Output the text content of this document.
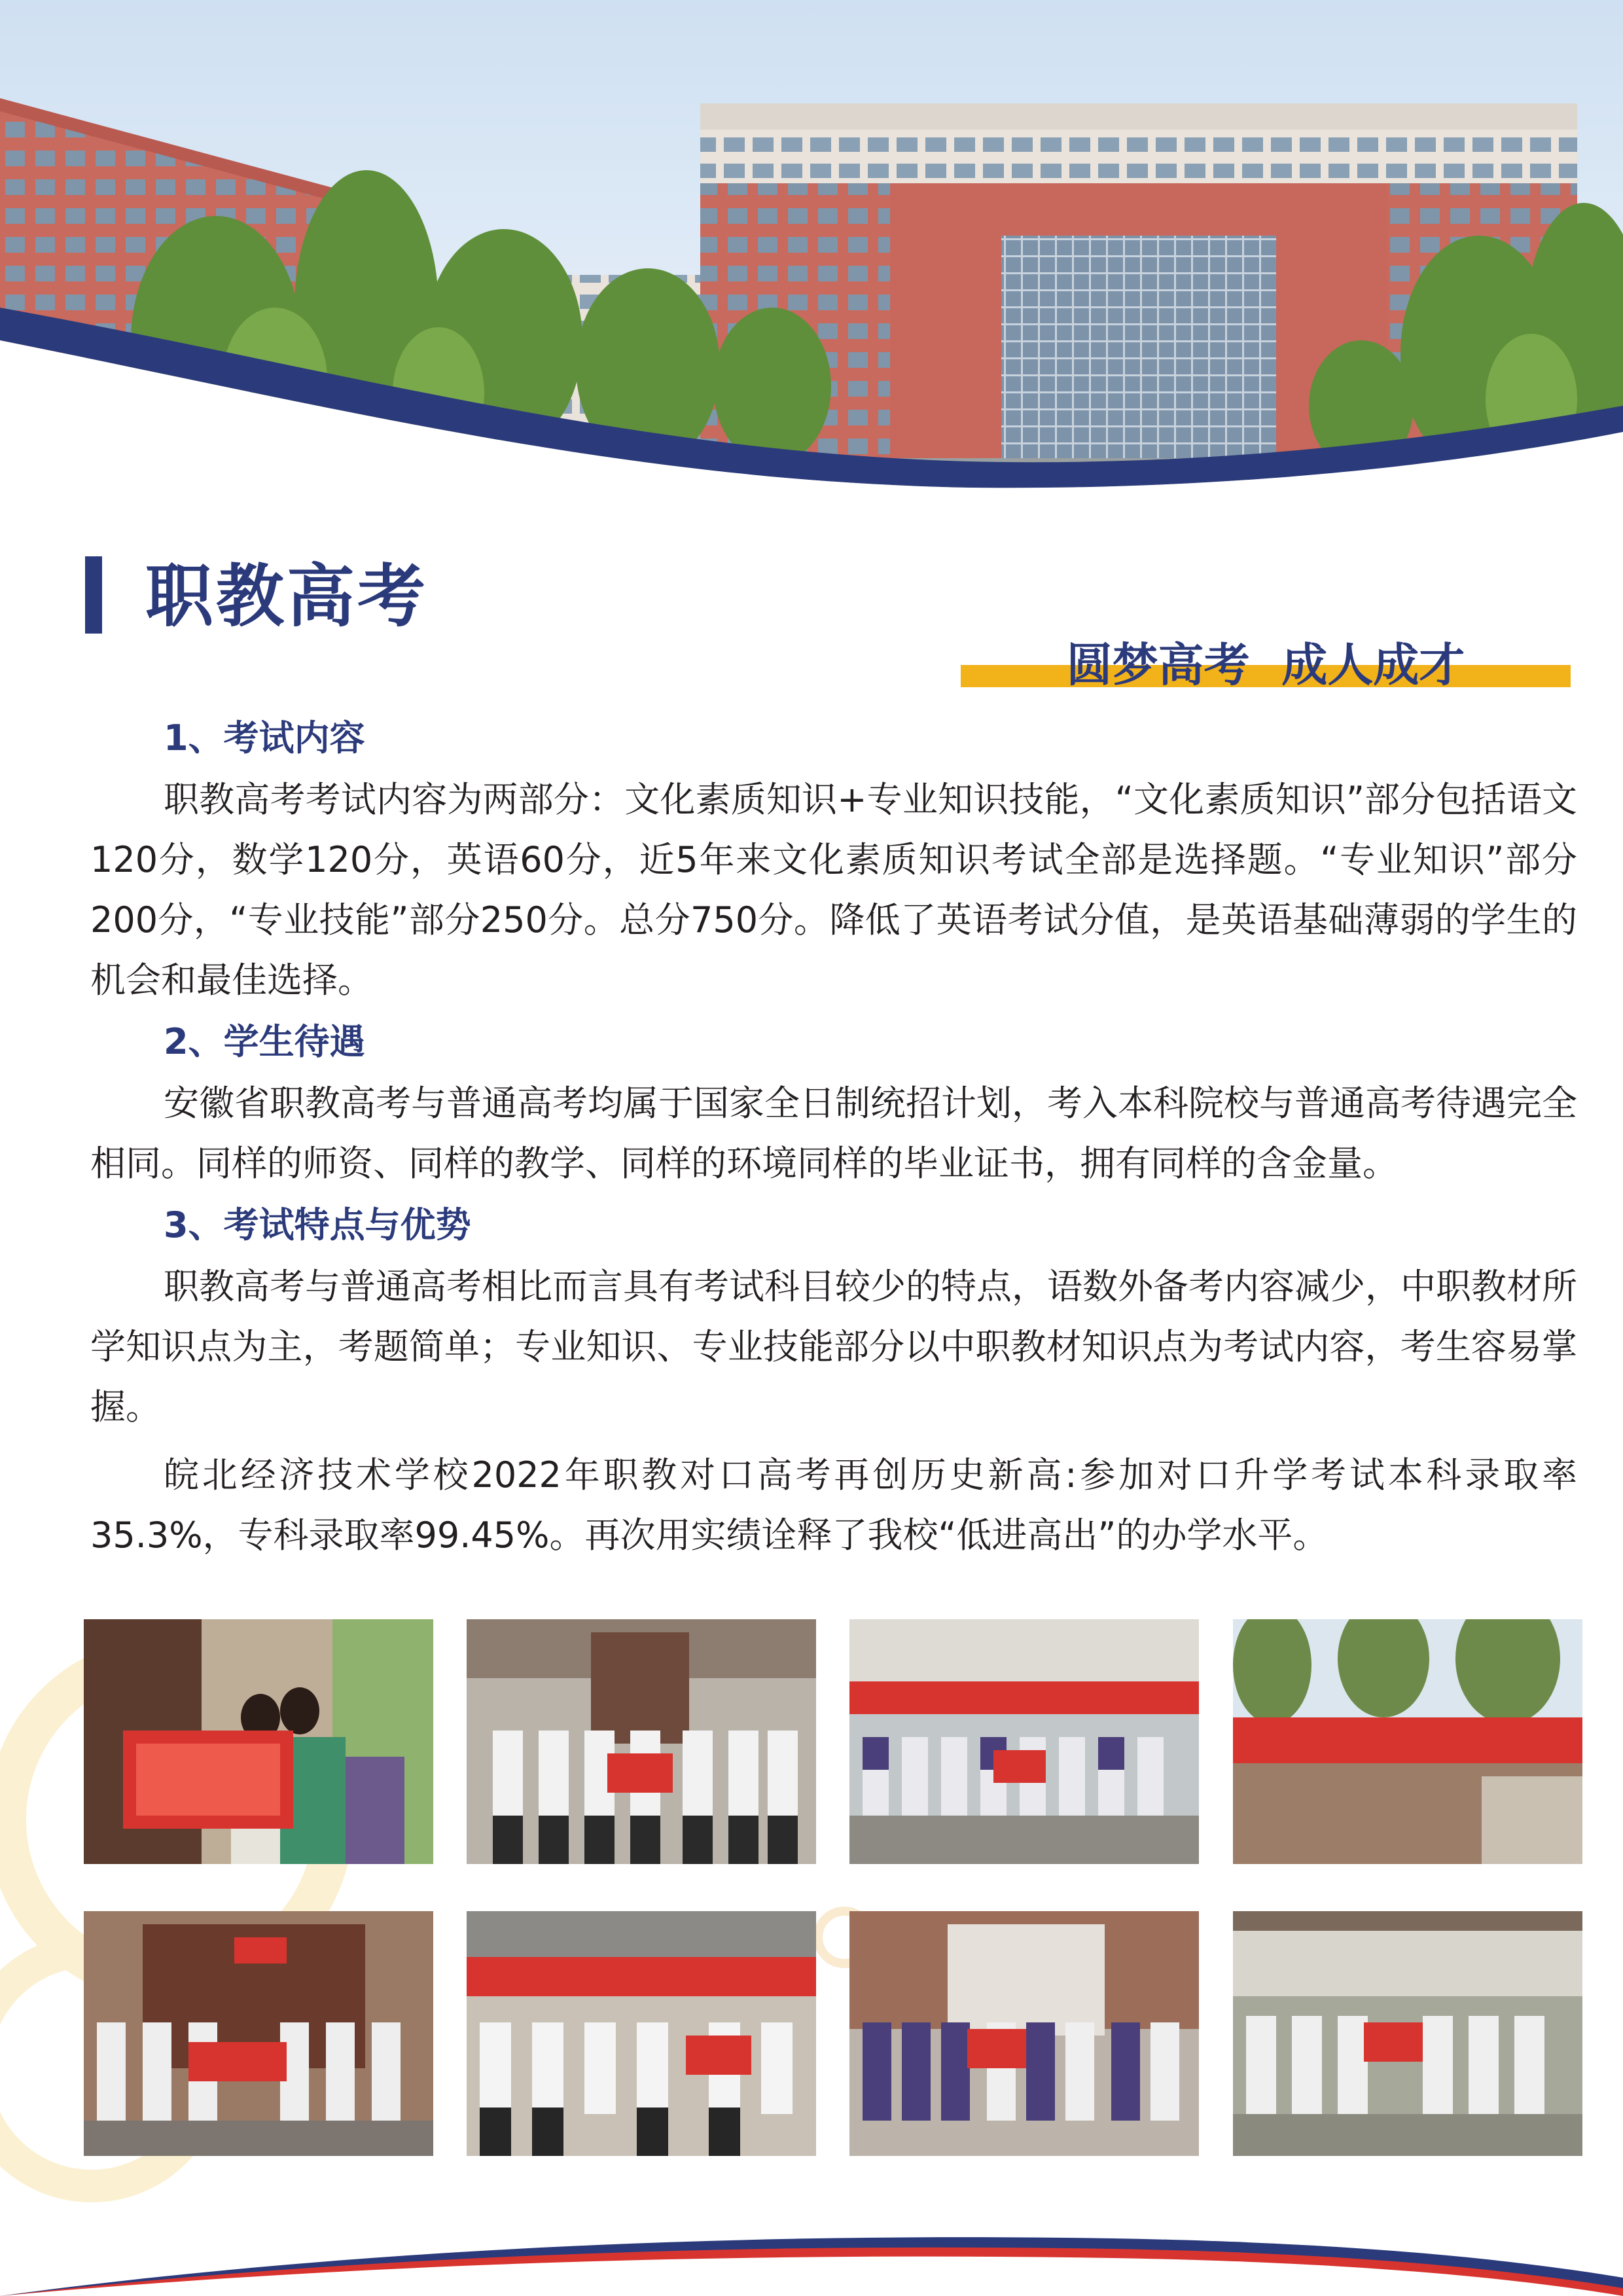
职教高考

圆梦高考  成人成才

1、考试内容

职教高考考试内容为两部分：文化素质知识+专业知识技能，“文化素质知识”部分包括语文120分，数学120分，英语60分，近5年来文化素质知识考试全部是选择题。“专业知识”部分200分，“专业技能”部分250分。总分750分。降低了英语考试分值，是英语基础薄弱的学生的机会和最佳选择。

2、学生待遇

安徽省职教高考与普通高考均属于国家全日制统招计划，考入本科院校与普通高考待遇完全相同。同样的师资、同样的教学、同样的环境同样的毕业证书，拥有同样的含金量。

3、考试特点与优势

职教高考与普通高考相比而言具有考试科目较少的特点，语数外备考内容减少，中职教材所学知识点为主，考题简单；专业知识、专业技能部分以中职教材知识点为考试内容，考生容易掌握。

皖北经济技术学校2022年职教对口高考再创历史新高:参加对口升学考试本科录取率35.3%，专科录取率99.45%。再次用实绩诠释了我校“低进高出”的办学水平。
